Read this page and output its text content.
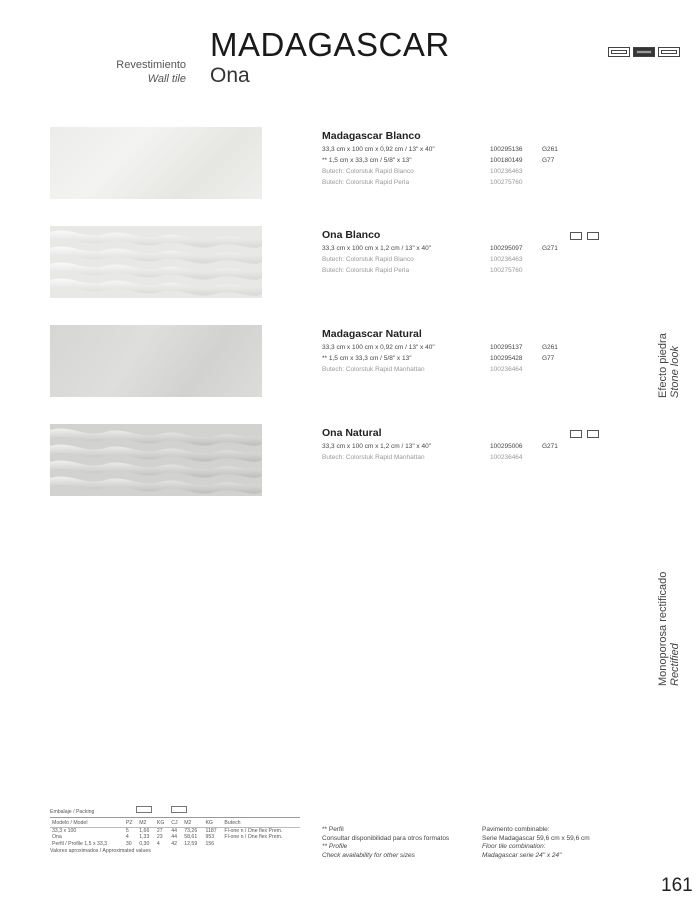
Revestimiento
Wall tile
MADAGASCAR
Ona
Madagascar Blanco
33,3 cm x 100 cm x 0,92 cm / 13" x 40"	100295136	G261
** 1,5 cm x 33,3 cm / 5/8" x 13"	100180149	G77
Butech: Colorstuk Rapid Blanco	100236463
Butech: Colorstuk Rapid Perla	100275760
Ona Blanco
33,3 cm x 100 cm x 1,2 cm / 13" x 40"	100295097	G271
Butech: Colorstuk Rapid Blanco	100236463
Butech: Colorstuk Rapid Perla	100275760
Madagascar Natural
33,3 cm x 100 cm x 0,92 cm / 13" x 40"	100295137	G261
** 1,5 cm x 33,3 cm / 5/8" x 13"	100295428	G77
Butech: Colorstuk Rapid Manhattan	100236464
Ona Natural
33,3 cm x 100 cm x 1,2 cm / 13" x 40"	100295006	G271
Butech: Colorstuk Rapid Manhattan	100236464
Efecto piedra Stone look
Monoporosa rectificado Rectified
Embalaje / Packing
Modelo / Model	PZ	M2	KG	CJ	M2	KG	Butech
33,3 x 100	5	1,66	27	44	73,26	1187	Fl-one n / One flex Prem.
Ona	4	1,33	23	44	58,61	953	Fl-one n / One flex Prem.
Perfil / Profile 1,5 x 33,3	30	0,30	4	42	12,59	156	
Valores aproximados / Approximated values
** Perfil
Consultar disponibilidad para otros formatos
** Profile
Check availability for other sizes
Pavimento combinable:
Serie Madagascar 59,6 cm x 59,6 cm
Floor tile combination:
Madagascar serie 24" x 24"
161
